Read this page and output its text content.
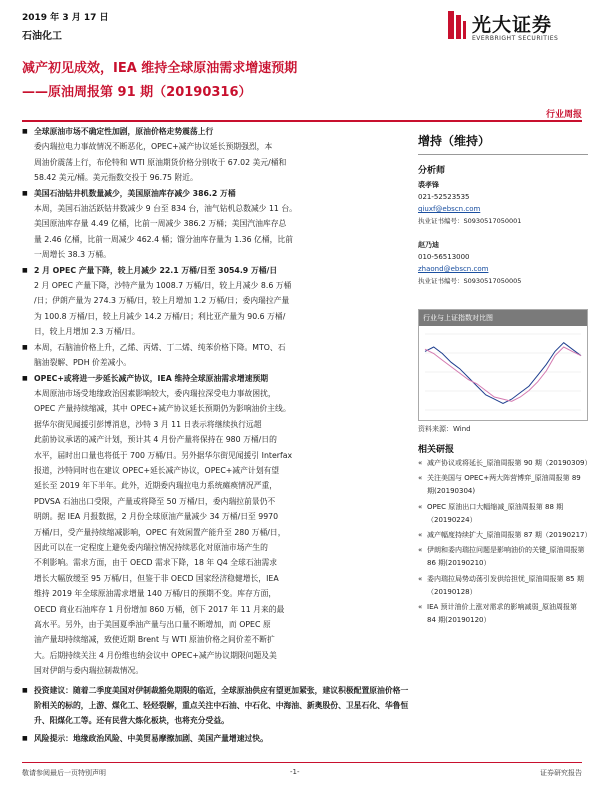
2019 年 3 月 17 日
石油化工
光大证券
EVERBRIGHT SECURITIES
减产初见成效，IEA 维持全球原油需求增速预期
——原油周报第 91 期（20190316）
行业周报
■ 全球原油市场不确定性加剧，原油价格走势震荡上行
委内瑞拉电力事故情况不断恶化，OPEC+减产协议延长预期强烈，本
周油价震荡上行，布伦特和 WTI 原油期货价格分别收于 67.02 美元/桶和
58.42 美元/桶。美元指数交投于 96.75 附近。
■ 美国石油钻井机数量减少，美国原油库存减少 386.2 万桶
本周，美国石油活跃钻井数减少 9 台至 834 台，油气钻机总数减少 11 台。
美国原油库存量 4.49 亿桶，比前一周减少 386.2 万桶；美国汽油库存总
量 2.46 亿桶，比前一周减少 462.4 桶；馏分油库存量为 1.36 亿桶，比前
一周增长 38.3 万桶。
■ 2 月 OPEC 产量下降，较上月减少 22.1 万桶/日至 3054.9 万桶/日
2 月 OPEC 产量下降，沙特产量为 1008.7 万桶/日，较上月减少 8.6 万桶
/日；伊朗产量为 274.3 万桶/日，较上月增加 1.2 万桶/日；委内瑞拉产量
为 100.8 万桶/日，较上月减少 14.2 万桶/日；利比亚产量为 90.6 万桶/
日，较上月增加 2.3 万桶/日。
■ 本周，石脑油价格上升，乙烯、丙烯、丁二烯、纯苯价格下降。MTO、石
脑油裂解、PDH 价差减小。
■ OPEC+或将进一步延长减产协议，IEA 维持全球原油需求增速预期
本周原油市场受地缘政治因素影响较大，委内瑞拉深受电力事故困扰，
OPEC 产量持续缩减，其中 OPEC+减产协议延长预期仍为影响油价主线。
据华尔街见闻援引彭博消息，沙特 3 月 11 日表示将继续执行远超
此前协议承诺的减产计划，预计其 4 月份产量将保持在 980 万桶/日的
水平，届时出口量也将低于 700 万桶/日。另外据华尔街见闻援引 Interfax
报道，沙特同时也在建议 OPEC+延长减产协议，OPEC+减产计划有望
延长至 2019 年下半年。此外，近期委内瑞拉电力系统瘫痪情况严重，
PDVSA 石油出口受限，产量或将降至 50 万桶/日，委内瑞拉前景仍不
明朗。据 IEA 月报数据，2 月份全球原油产量减少 34 万桶/日至 9970
万桶/日，受产量持续缩减影响，OPEC 有效闲置产能升至 280 万桶/日，
因此可以在一定程度上避免委内瑞拉情况持续恶化对原油市场产生的
不利影响。需求方面，由于 OECD 需求下降，18 年 Q4 全球石油需求
增长大幅放缓至 95 万桶/日，但鉴于非 OECD 国家经济稳健增长，IEA
维持 2019 年全球原油需求增量 140 万桶/日的预期不变。库存方面，
OECD 商业石油库存 1 月份增加 860 万桶，创下 2017 年 11 月来的最
高水平。另外，由于美国夏季油产量与出口量不断增加，而 OPEC 原
油产量却持续缩减，致使近期 Brent 与 WTI 原油价格之间价差不断扩
大。后期持续关注 4 月份维也纳会议中 OPEC+减产协议期限问题及美
国对伊朗与委内瑞拉制裁情况。
■ 投资建议：随着二季度美国对伊制裁豁免期限的临近，全球原油供应有望更加紧张，建议积极配置原油价格一阶相关的标的，上游、煤化工、轻烃裂解，重点关注中石油、中石化、中海油、新奥股份、卫星石化、华鲁恒升、阳煤化工等。还有民营大炼化板块，也将充分受益。
■ 风险提示：地缘政治风险、中美贸易摩擦加剧、美国产量增速过快。
增持（维持）
分析师
裘孝锋
021-52523535
qiuxf@ebscn.com
执业证书编号：S0930517050001
赵乃迪
010-56513000
zhaond@ebscn.com
执业证书编号：S0930517050005
行业与上证指数对比图
资料来源：Wind
相关研报
« 减产协议或将延长_原油周报第 90 期（20190309）
« 关注美国与 OPEC+两大阵营博弈_原油周报第 89 期(20190304)
« OPEC 原油出口大幅缩减_原油周报第 88 期（20190224）
« 减产幅度持续扩大_原油周报第 87 期（20190217）
« 伊朗和委内瑞拉问题是影响油价的关键_原油周报第 86 期(20190210）
« 委内瑞拉局势动荡引发供给担忧_原油周报第 85 期（20190128）
« IEA 预计油价上涨对需求的影响减弱_原油周报第 84 期(20190120）
敬请参阅最后一页特别声明	-1-	证券研究报告
